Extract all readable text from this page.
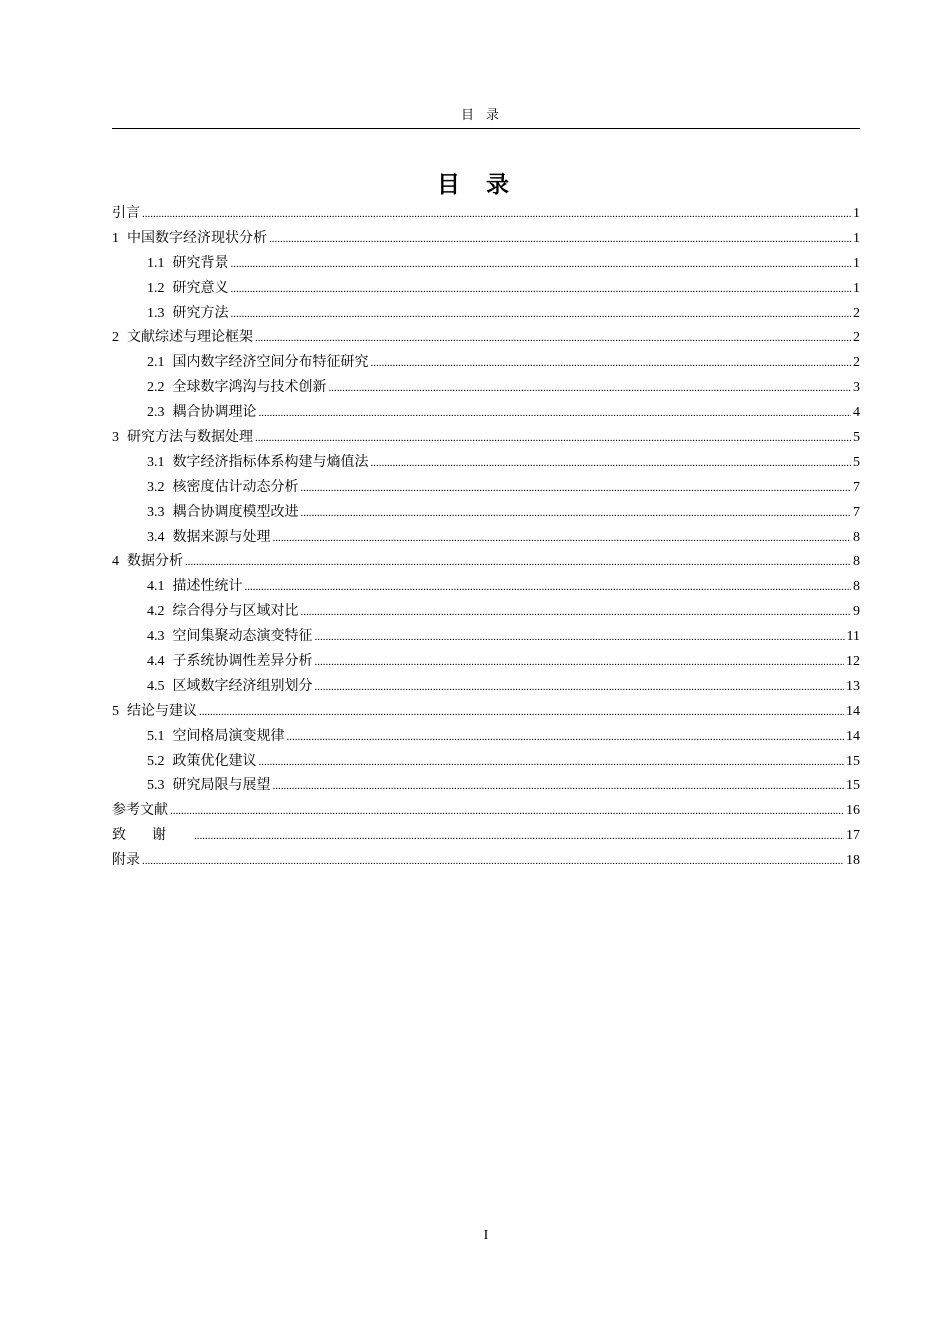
目录
目录
引言 .....	1
1 中国数字经济现状分析 .....	1
1.1 研究背景 .....	1
1.2 研究意义 .....	1
1.3 研究方法 .....	2
2 文献综述与理论框架 .....	2
2.1 国内数字经济空间分布特征研究 .....	2
2.2 全球数字鸿沟与技术创新 .....	3
2.3 耦合协调理论 .....	4
3 研究方法与数据处理 .....	5
3.1 数字经济指标体系构建与熵值法 .....	5
3.2 核密度估计动态分析 .....	7
3.3 耦合协调度模型改进 .....	7
3.4 数据来源与处理 .....	8
4 数据分析 .....	8
4.1 描述性统计 .....	8
4.2 综合得分与区域对比 .....	9
4.3 空间集聚动态演变特征 .....	11
4.4 子系统协调性差异分析 .....	12
4.5 区域数字经济组别划分 .....	13
5 结论与建议 .....	14
5.1 空间格局演变规律 .....	14
5.2 政策优化建议 .....	15
5.3 研究局限与展望 .....	15
参考文献 .....	16
致谢 .....	17
附录 .....	18
I
